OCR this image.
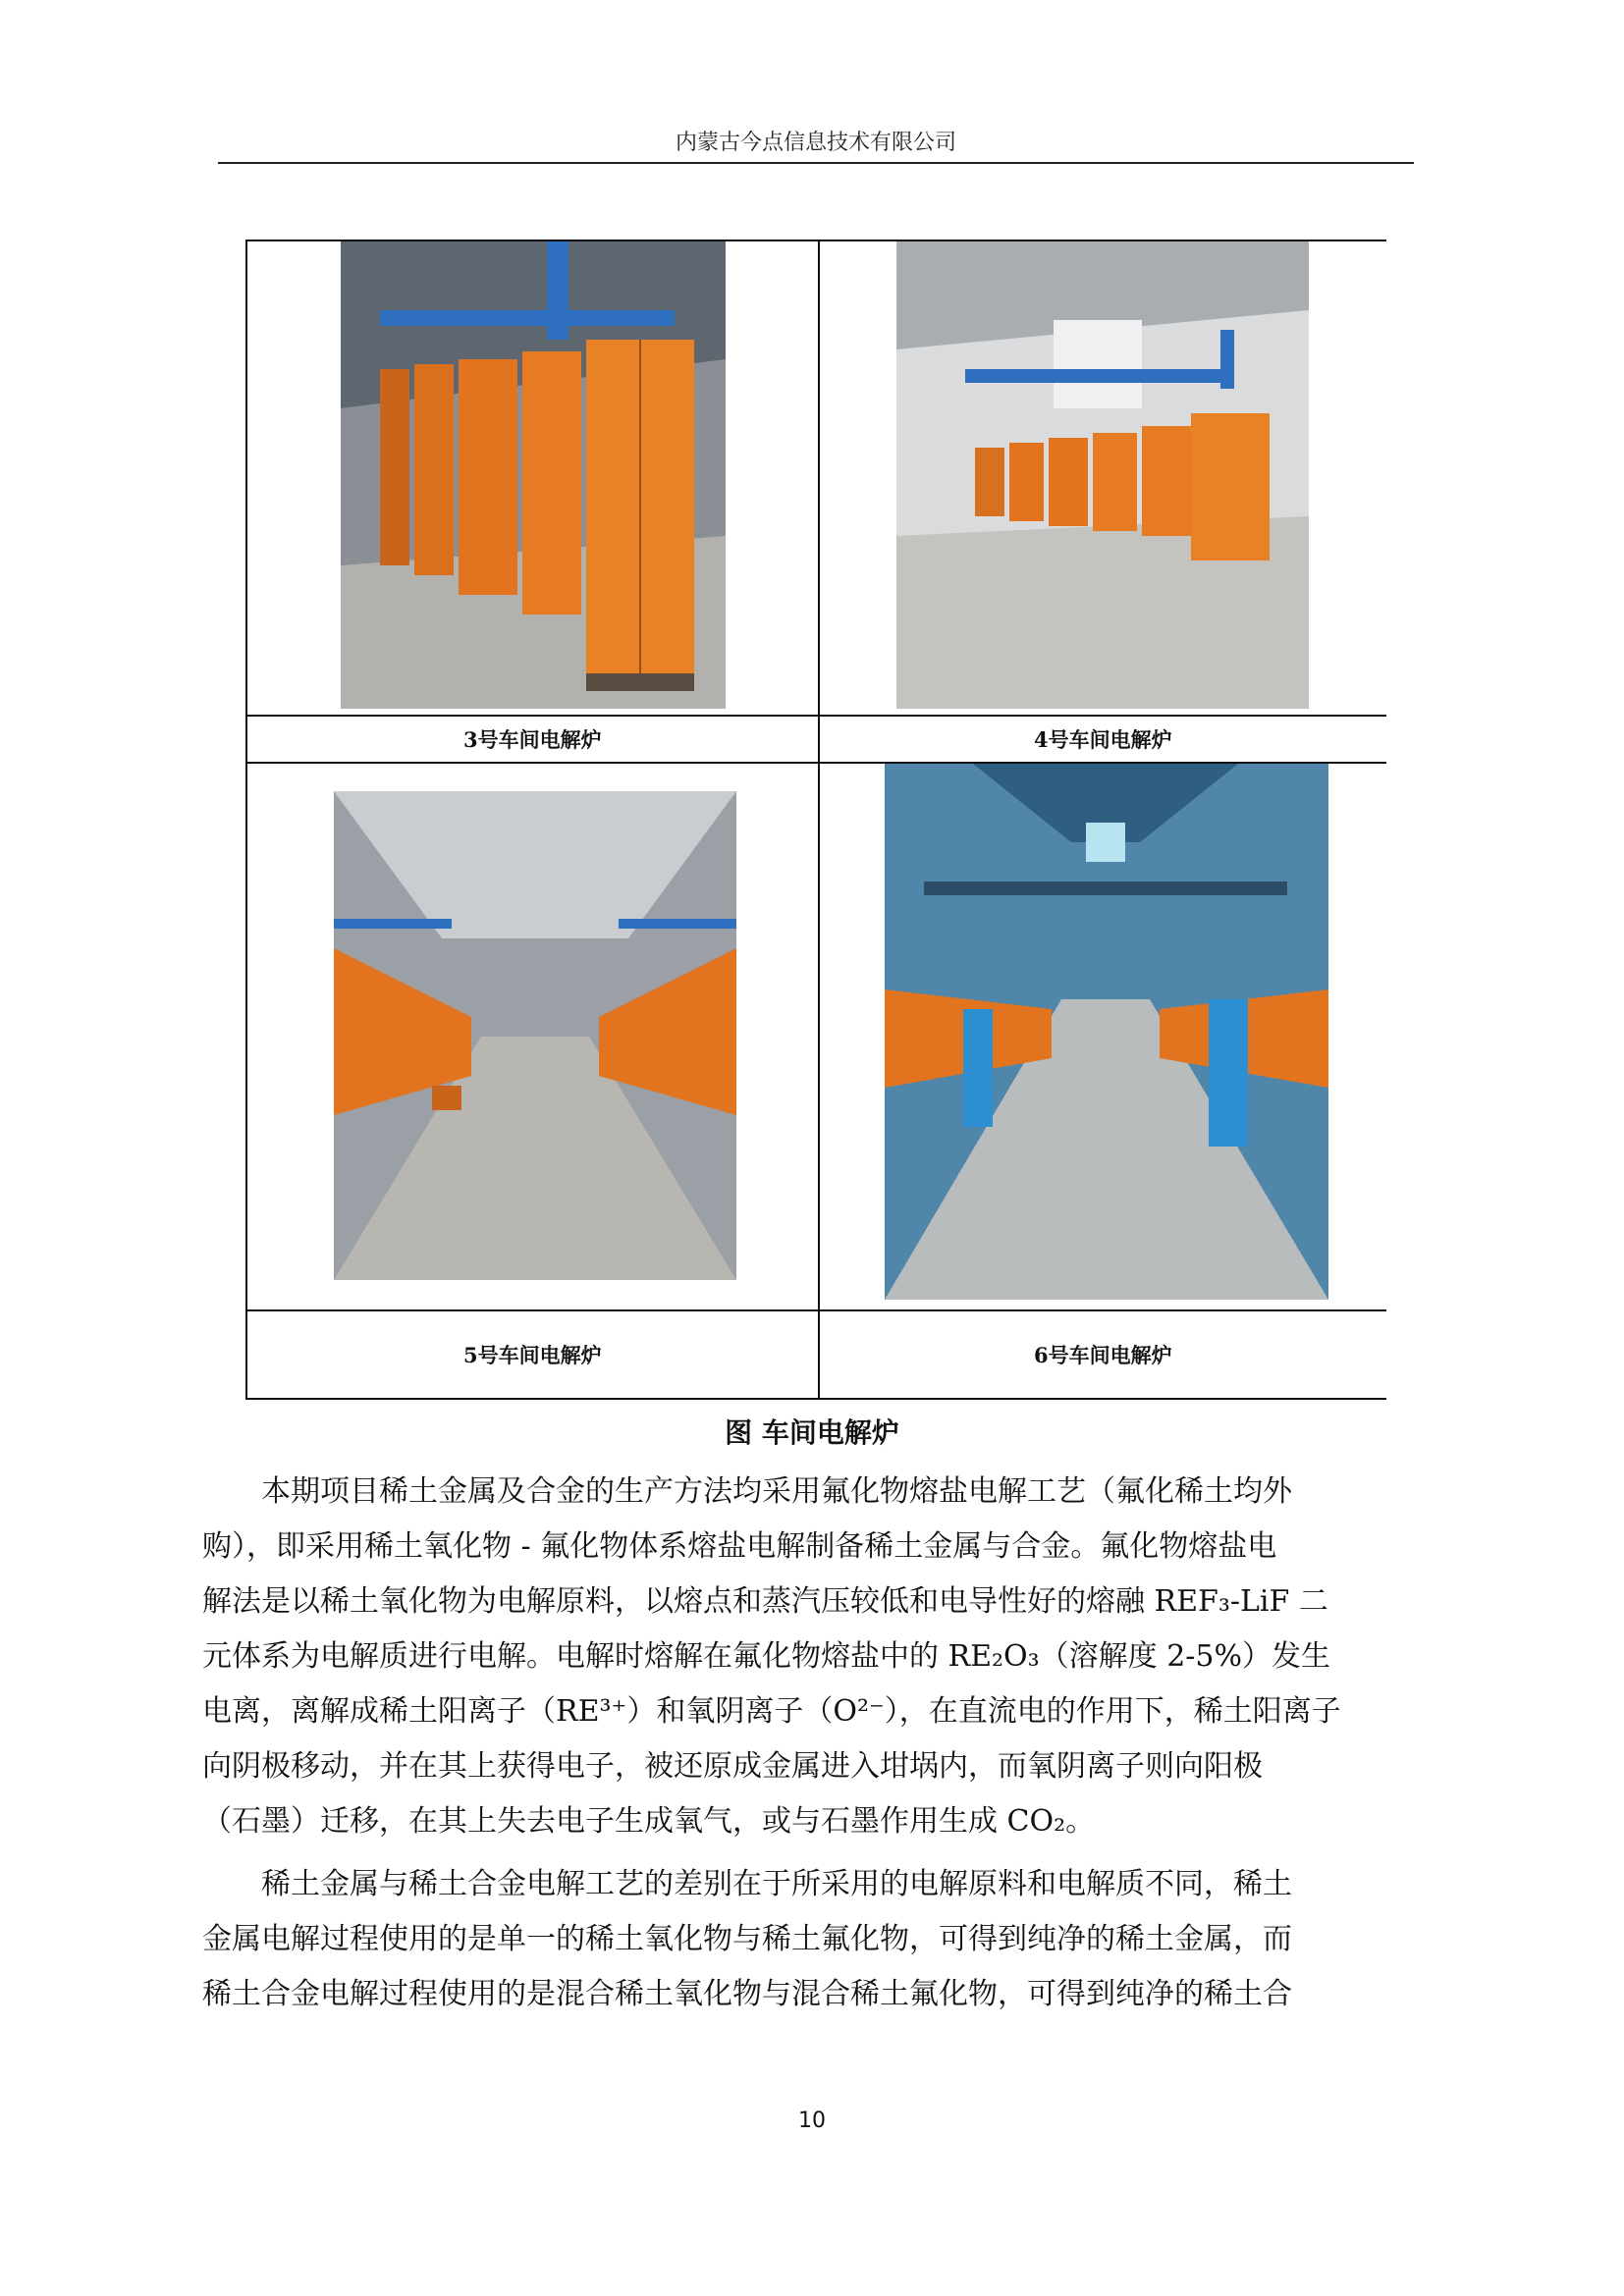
内蒙古今点信息技术有限公司

3号车间电解炉	4号车间电解炉

5号车间电解炉	6号车间电解炉
图 车间电解炉
　　本期项目稀土金属及合金的生产方法均采用氟化物熔盐电解工艺（氟化稀土均外
购），即采用稀土氧化物 - 氟化物体系熔盐电解制备稀土金属与合金。氟化物熔盐电
解法是以稀土氧化物为电解原料，以熔点和蒸汽压较低和电导性好的熔融 REF₃-LiF 二
元体系为电解质进行电解。电解时熔解在氟化物熔盐中的 RE₂O₃（溶解度 2-5%）发生
电离，离解成稀土阳离子（RE³⁺）和氧阴离子（O²⁻），在直流电的作用下，稀土阳离子
向阴极移动，并在其上获得电子，被还原成金属进入坩埚内，而氧阴离子则向阳极
（石墨）迁移，在其上失去电子生成氧气，或与石墨作用生成 CO₂。
　　稀土金属与稀土合金电解工艺的差别在于所采用的电解原料和电解质不同，稀土
金属电解过程使用的是单一的稀土氧化物与稀土氟化物，可得到纯净的稀土金属，而
稀土合金电解过程使用的是混合稀土氧化物与混合稀土氟化物，可得到纯净的稀土合
10
